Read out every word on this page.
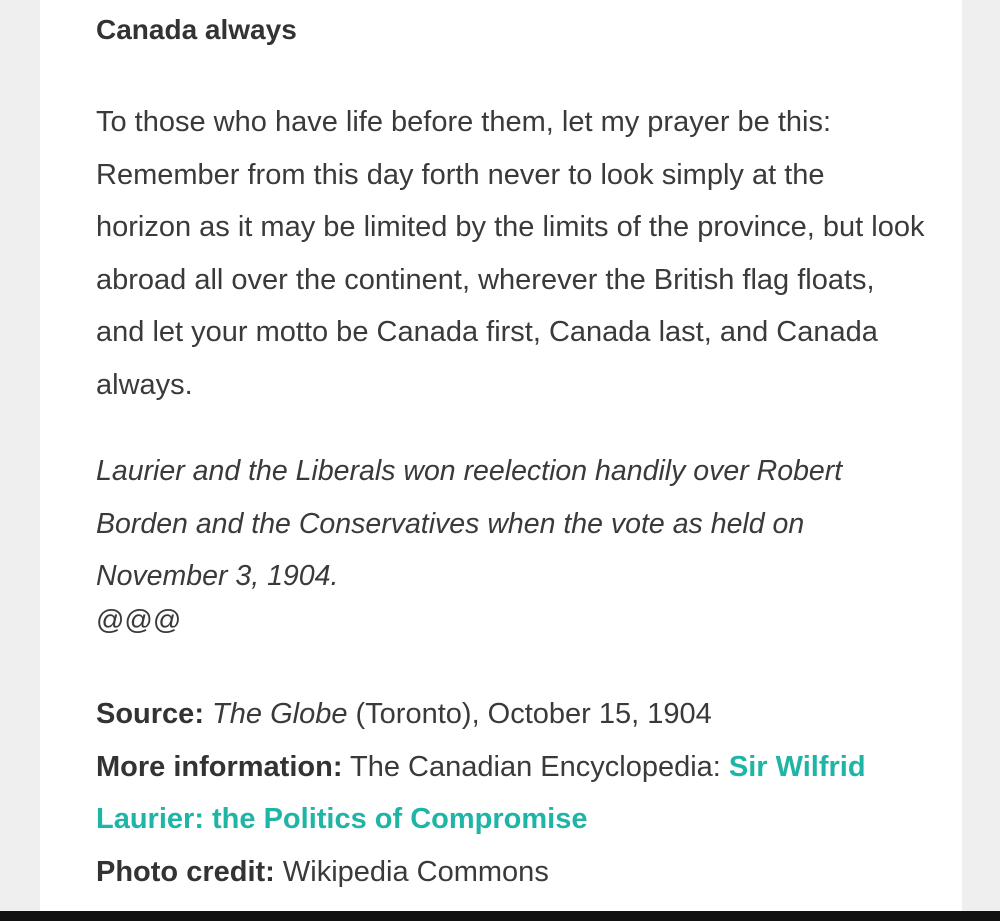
Canada always

To those who have life before them, let my prayer be this: Remember from this day forth never to look simply at the horizon as it may be limited by the limits of the province, but look abroad all over the continent, wherever the British flag floats, and let your motto be Canada first, Canada last, and Canada always.

Laurier and the Liberals won reelection handily over Robert Borden and the Conservatives when the vote as held on November 3, 1904.

@@@

Source: The Globe (Toronto), October 15, 1904
More information: The Canadian Encyclopedia: Sir Wilfrid Laurier: the Politics of Compromise
Photo credit: Wikipedia Commons
